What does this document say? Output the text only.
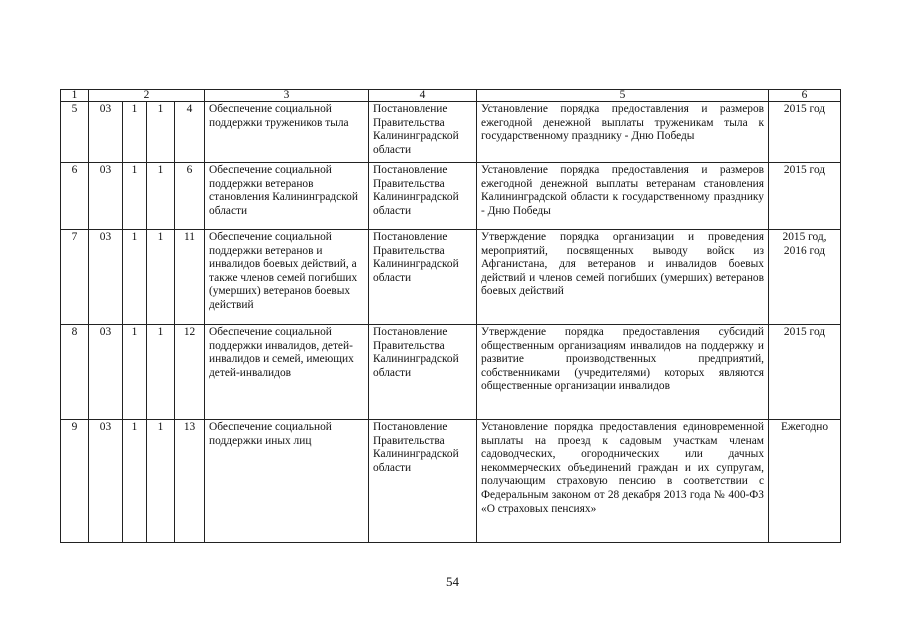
1	2				3	4	5	6
5	03	1	1	4	Обеспечение социальной поддержки тружеников тыла	Постановление Правительства Калининградской области	Установление порядка предоставления и размеров ежегодной денежной выплаты труженикам тыла к государственному празднику - Дню Победы	2015 год
6	03	1	1	6	Обеспечение социальной поддержки ветеранов становления Калининградской области	Постановление Правительства Калининградской области	Установление порядка предоставления и размеров ежегодной денежной выплаты ветеранам становления Калининградской области к государственному празднику - Дню Победы	2015 год
7	03	1	1	11	Обеспечение социальной поддержки ветеранов и инвалидов боевых действий, а также членов семей погибших (умерших) ветеранов боевых действий	Постановление Правительства Калининградской области	Утверждение порядка организации и проведения мероприятий, посвященных выводу войск из Афганистана, для ветеранов и инвалидов боевых действий и членов семей погибших (умерших) ветеранов боевых действий	2015 год, 2016 год
8	03	1	1	12	Обеспечение социальной поддержки инвалидов, детей-инвалидов и семей, имеющих детей-инвалидов	Постановление Правительства Калининградской области	Утверждение порядка предоставления субсидий общественным организациям инвалидов на поддержку и развитие производственных предприятий, собственниками (учредителями) которых являются общественные организации инвалидов	2015 год
9	03	1	1	13	Обеспечение социальной поддержки иных лиц	Постановление Правительства Калининградской области	Установление порядка предоставления единовременной выплаты на проезд к садовым участкам членам садоводческих, огороднических или дачных некоммерческих объединений граждан и их супругам, получающим страховую пенсию в соответствии с Федеральным законом от 28 декабря 2013 года № 400-ФЗ «О страховых пенсиях»	Ежегодно
54
